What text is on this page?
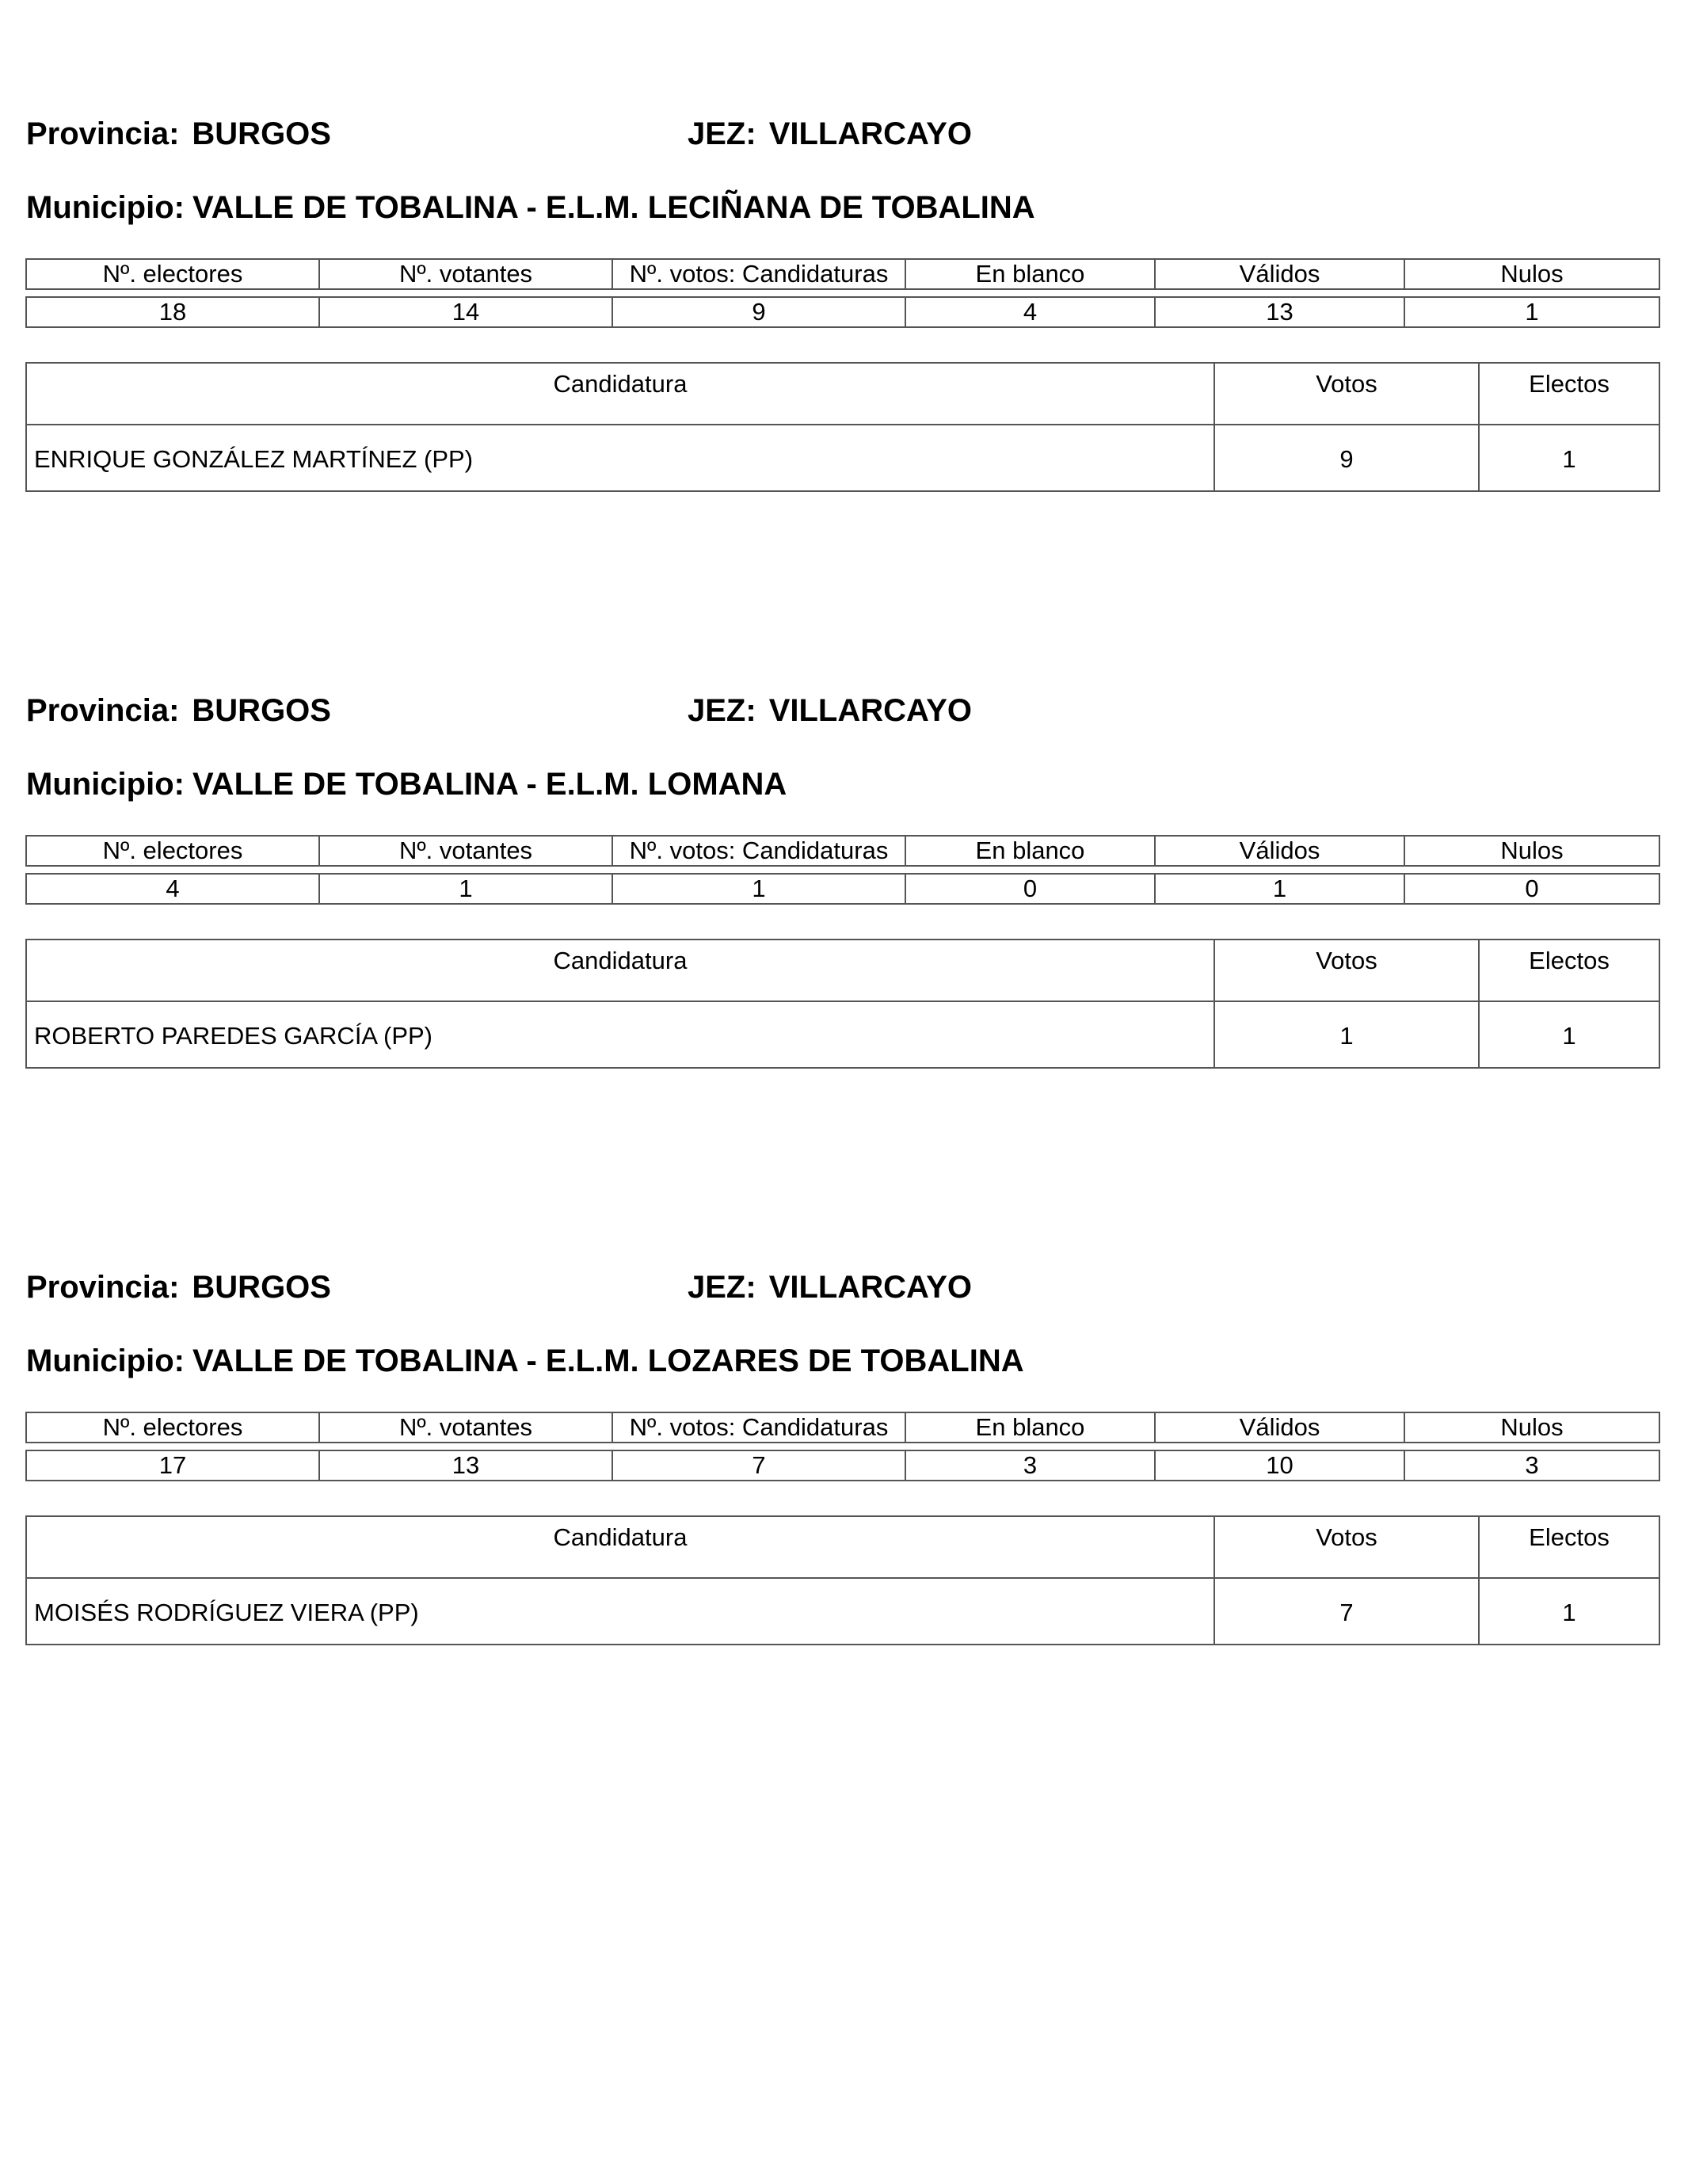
Provincia: BURGOS	JEZ: VILLARCAYO
Municipio: VALLE DE TOBALINA - E.L.M. LECIÑANA DE TOBALINA
Nº. electores	Nº. votantes	Nº. votos: Candidaturas	En blanco	Válidos	Nulos

18	14	9	4	13	1
Candidatura	Votos	Electos
ENRIQUE GONZÁLEZ MARTÍNEZ (PP)	9	1
Provincia: BURGOS	JEZ: VILLARCAYO
Municipio: VALLE DE TOBALINA - E.L.M. LOMANA
Nº. electores	Nº. votantes	Nº. votos: Candidaturas	En blanco	Válidos	Nulos

4	1	1	0	1	0
Candidatura	Votos	Electos
ROBERTO PAREDES GARCÍA (PP)	1	1
Provincia: BURGOS	JEZ: VILLARCAYO
Municipio: VALLE DE TOBALINA - E.L.M. LOZARES DE TOBALINA
Nº. electores	Nº. votantes	Nº. votos: Candidaturas	En blanco	Válidos	Nulos

17	13	7	3	10	3
Candidatura	Votos	Electos
MOISÉS RODRÍGUEZ VIERA (PP)	7	1
